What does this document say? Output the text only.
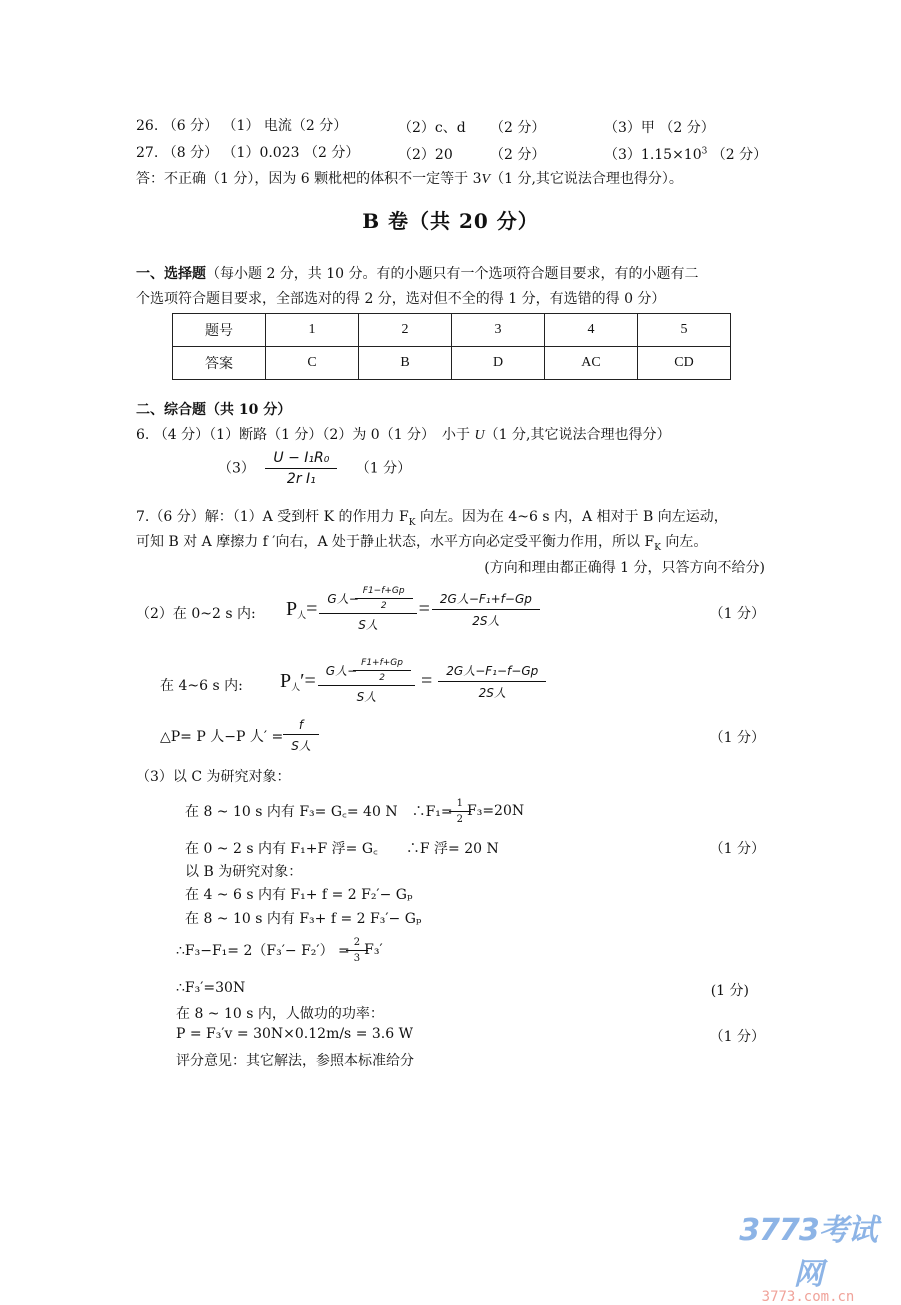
26. （6 分） （1） 电流（2 分）	（2）c、d （2 分）	（3）甲 （2 分）
27. （8 分） （1）0.023 （2 分）	（2）20	（2 分）	$(3)1.15\times 10^3$ （2 分）
答：不正确（1 分），因为 6 颗枇杷的体积不一定等于 3V（1 分,其它说法合理也得分）。
B 卷（共 20 分）
一、选择题（每小题 2 分，共 10 分。有的小题只有一个选项符合题目要求，有的小题有二
个选项符合题目要求，全部选对的得 2 分，选对但不全的得 1 分，有选错的得 0 分）
题号	1	2	3	4	5
答案	C	B	D	AC	CD
二、综合题（共 10 分）
6. （4 分）（1）断路（1 分）（2）为 0（1 分）　小于 U（1 分,其它说法合理也得分）
$(3) \frac{\text{U − I₁R₀}}{\text{2r I₁}} (1$ 分）
7.（6 分）解：（1）A 受到杆 K 的作用力 $F_K$ 向左。因为在 4~6 s 内，A 相对于 B 向左运动，
可知 B 对 A 摩擦力 f ′向右，A 处于静止状态，水平方向必定受平衡力作用，所以 $F_K$ 向左。
(方向和理由都正确得 1 分，只答方向不给分)
（2）在 0~2 s 内: P 人 = $\frac{G人- \frac{F1-f+Gp}{2}}{\text{S人}} = \frac{\text{2G人−F₁+f−Gp}}{\text{2S人}}$	（1 分）
在 4~6 s 内: P 人 ′= $\frac{G人- \frac{F1+f+Gp}{2}}{\text{S人}} = \frac{\text{2G人−F₁−f−Gp}}{\text{2S人}}$
△P= P 人−P 人′ = $\frac{f}{\text{S人}}$	（1 分）
（3）以 C 为研究对象：
在 8 ~ 10 s 内有 F₃= G꜀= 40 N　∴F₁= $\frac{1}{2} F_3=20N$
在 0 ~ 2 s 内有 F₁+F 浮= G꜀　　∴F 浮= 20 N	（1 分）
以 B 为研究对象：
在 4 ~ 6 s 内有 F₁+ f = 2 F₂′− Gₚ
在 8 ~ 10 s 内有 F₃+ f = 2 F₃′− Gₚ
∴F₃−F₁= $2(F_3'- F_2') = \frac{2}{3} F_3'$
∴F₃′=30N	(1 分)
在 8 ~ 10 s 内，人做功的功率：
P = F₃′v = 30N×0.12m/s = 3.6 W	（1 分）
评分意见：其它解法，参照本标准给分
3773考试网
3773.com.cn
